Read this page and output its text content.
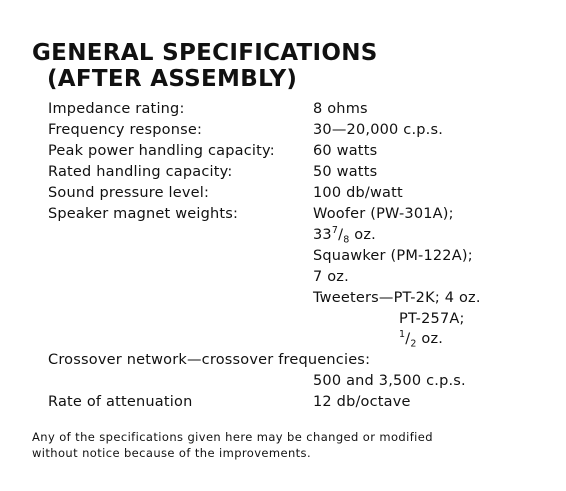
GENERAL SPECIFICATIONS
(AFTER ASSEMBLY)
Impedance rating:	8 ohms
Frequency response:	30—20,000 c.p.s.
Peak power handling capacity:	60 watts
Rated handling capacity:	50 watts
Sound pressure level:	100 db/watt
Speaker magnet weights:	Woofer (PW-301A);
$33^7/_8$ oz.
Squawker (PM-122A);
7 oz.
Tweeters—PT-2K; 4 oz.
PT-257A;
$^1/_2$ oz.
Crossover network—crossover frequencies:
500 and 3,500 c.p.s.
Rate of attenuation	12 db/octave
Any of the specifications given here may be changed or modified
without notice because of the improvements.
